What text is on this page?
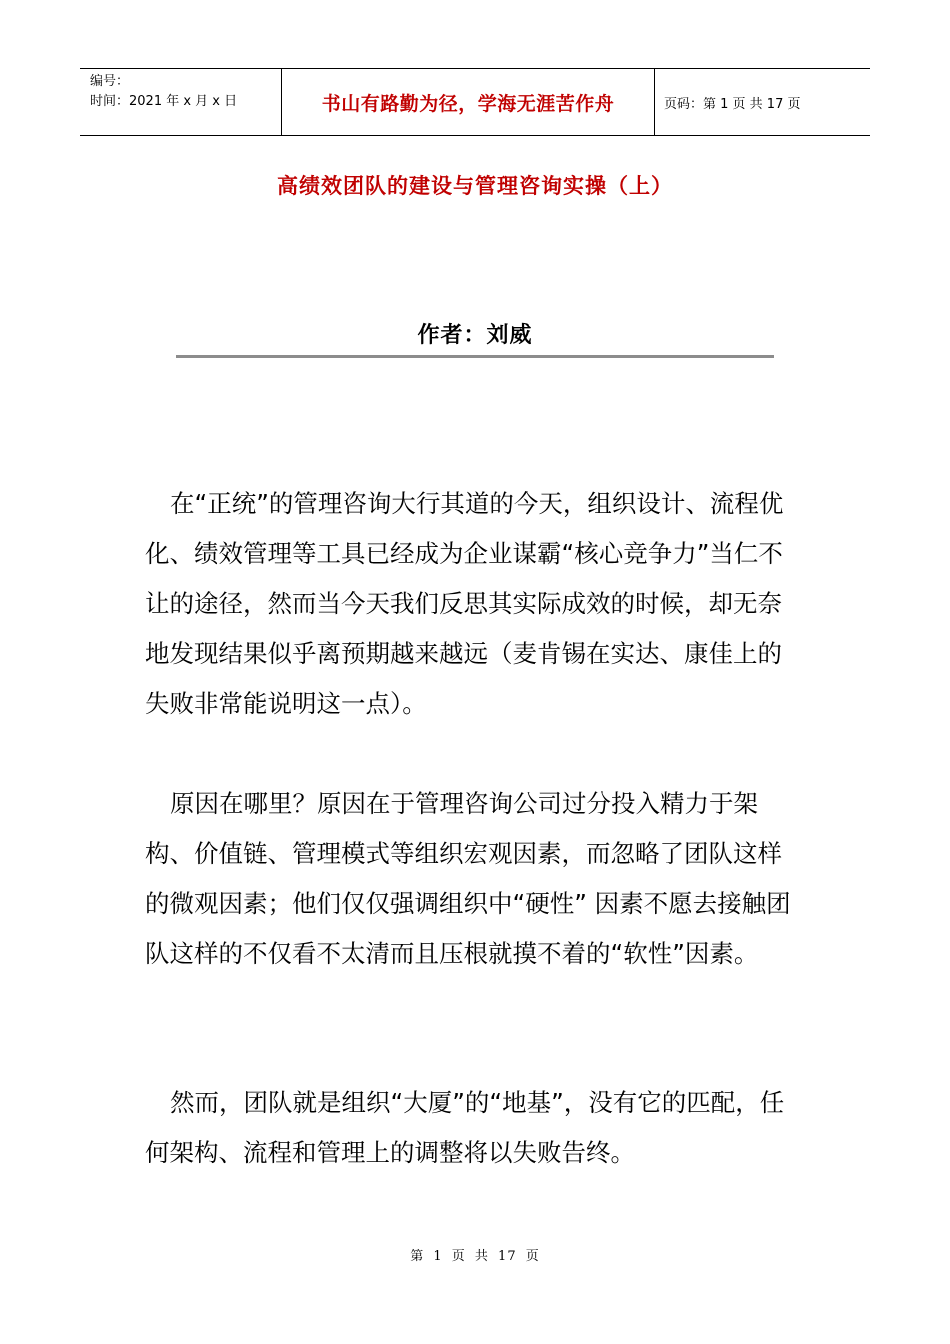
编号：
时间：2021 年 x 月 x 日	书山有路勤为径，学海无涯苦作舟	页码：第 1 页 共 17 页
高绩效团队的建设与管理咨询实操（上）
作者：刘威

在“正统”的管理咨询大行其道的今天，组织设计、流程优化、绩效管理等工具已经成为企业谋霸“核心竞争力”当仁不让的途径，然而当今天我们反思其实际成效的时候，却无奈地发现结果似乎离预期越来越远（麦肯锡在实达、康佳上的失败非常能说明这一点）。

原因在哪里？原因在于管理咨询公司过分投入精力于架构、价值链、管理模式等组织宏观因素，而忽略了团队这样的微观因素；他们仅仅强调组织中“硬性” 因素不愿去接触团队这样的不仅看不太清而且压根就摸不着的“软性”因素。

然而，团队就是组织“大厦”的“地基”，没有它的匹配，任何架构、流程和管理上的调整将以失败告终。

第 1 页 共 17 页
